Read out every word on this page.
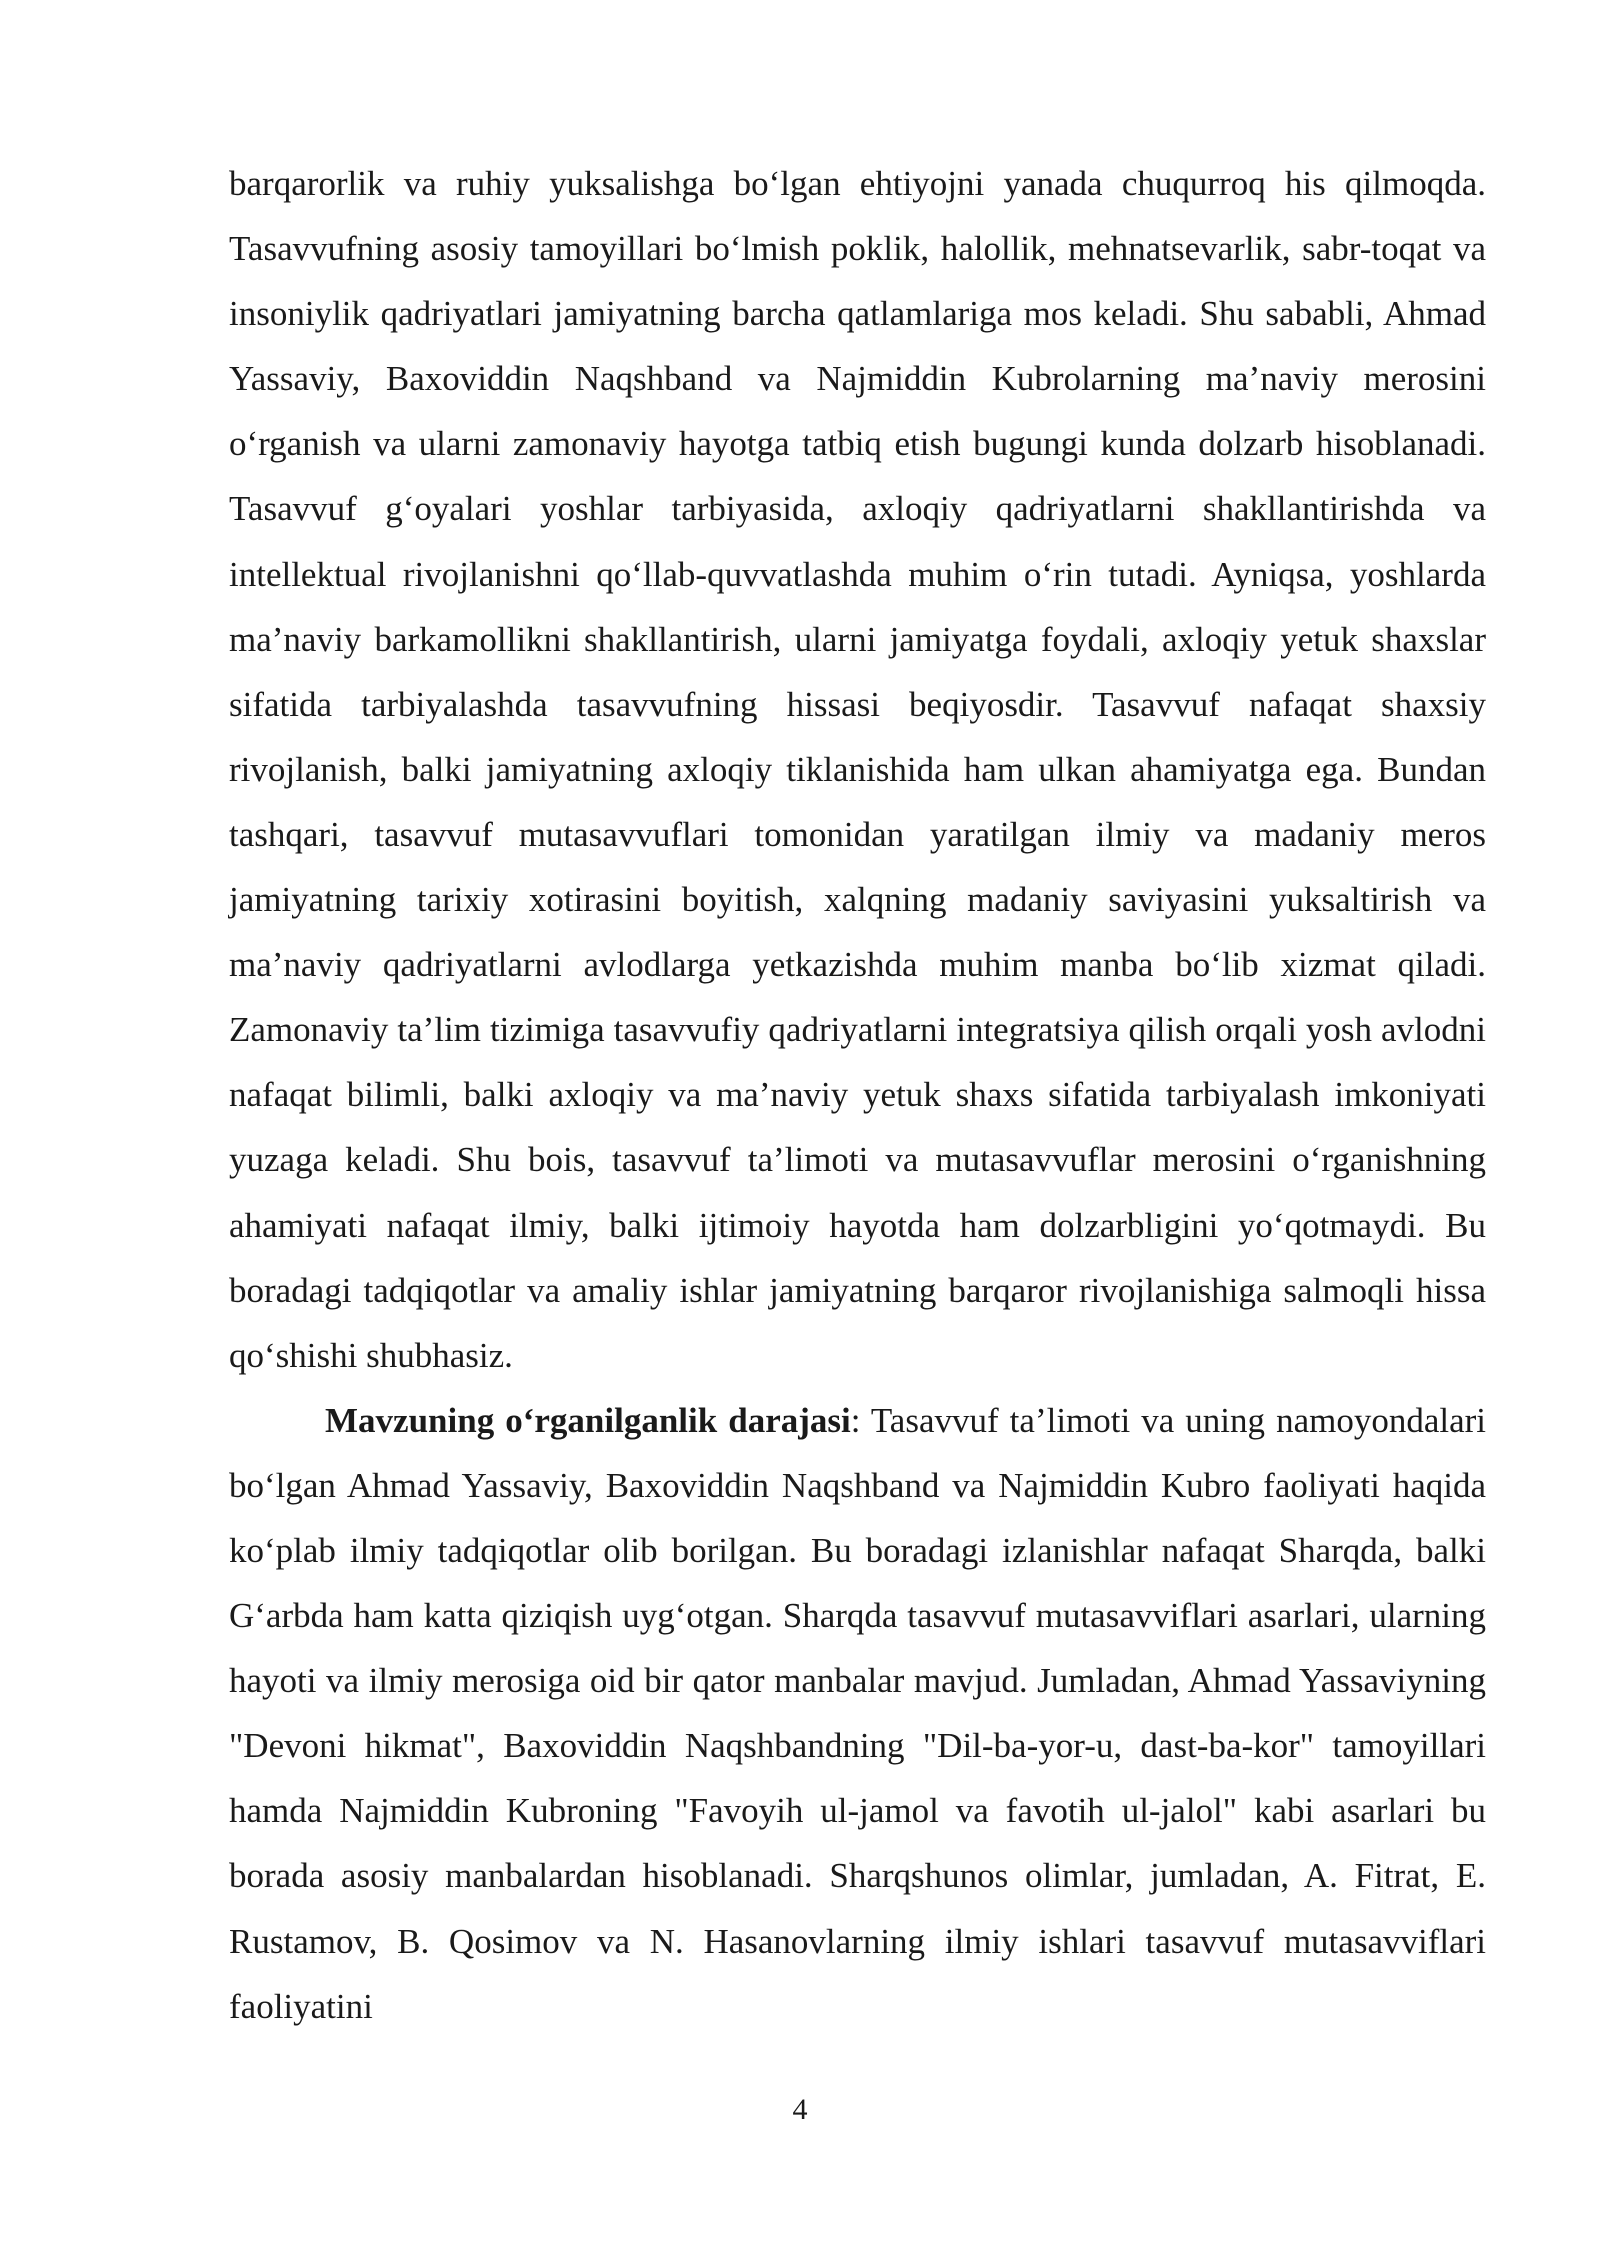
barqarorlik va ruhiy yuksalishga bo‘lgan ehtiyojni yanada chuqurroq his qilmoqda. Tasavvufning asosiy tamoyillari bo‘lmish poklik, halollik, mehnatsevarlik, sabr-toqat va insoniylik qadriyatlari jamiyatning barcha qatlamlariga mos keladi. Shu sababli, Ahmad Yassaviy, Baxoviddin Naqshband va Najmiddin Kubrolarning ma’naviy merosini o‘rganish va ularni zamonaviy hayotga tatbiq etish bugungi kunda dolzarb hisoblanadi. Tasavvuf g‘oyalari yoshlar tarbiyasida, axloqiy qadriyatlarni shakllantirishda va intellektual rivojlanishni qo‘llab-quvvatlashda muhim o‘rin tutadi. Ayniqsa, yoshlarda ma’naviy barkamollikni shakllantirish, ularni jamiyatga foydali, axloqiy yetuk shaxslar sifatida tarbiyalashda tasavvufning hissasi beqiyosdir. Tasavvuf nafaqat shaxsiy rivojlanish, balki jamiyatning axloqiy tiklanishida ham ulkan ahamiyatga ega. Bundan tashqari, tasavvuf mutasavvuflari tomonidan yaratilgan ilmiy va madaniy meros jamiyatning tarixiy xotirasini boyitish, xalqning madaniy saviyasini yuksaltirish va ma’naviy qadriyatlarni avlodlarga yetkazishda muhim manba bo‘lib xizmat qiladi. Zamonaviy ta’lim tizimiga tasavvufiy qadriyatlarni integratsiya qilish orqali yosh avlodni nafaqat bilimli, balki axloqiy va ma’naviy yetuk shaxs sifatida tarbiyalash imkoniyati yuzaga keladi. Shu bois, tasavvuf ta’limoti va mutasavvuflar merosini o‘rganishning ahamiyati nafaqat ilmiy, balki ijtimoiy hayotda ham dolzarbligini yo‘qotmaydi. Bu boradagi tadqiqotlar va amaliy ishlar jamiyatning barqaror rivojlanishiga salmoqli hissa qo‘shishi shubhasiz.

Mavzuning o‘rganilganlik darajasi: Tasavvuf ta’limoti va uning namoyondalari bo‘lgan Ahmad Yassaviy, Baxoviddin Naqshband va Najmiddin Kubro faoliyati haqida ko‘plab ilmiy tadqiqotlar olib borilgan. Bu boradagi izlanishlar nafaqat Sharqda, balki G‘arbda ham katta qiziqish uyg‘otgan. Sharqda tasavvuf mutasavviflari asarlari, ularning hayoti va ilmiy merosiga oid bir qator manbalar mavjud. Jumladan, Ahmad Yassaviyning "Devoni hikmat", Baxoviddin Naqshbandning "Dil-ba-yor-u, dast-ba-kor" tamoyillari hamda Najmiddin Kubroning "Favoyih ul-jamol va favotih ul-jalol" kabi asarlari bu borada asosiy manbalardan hisoblanadi. Sharqshunos olimlar, jumladan, A. Fitrat, E. Rustamov, B. Qosimov va N. Hasanovlarning ilmiy ishlari tasavvuf mutasavviflari faoliyatini

4
